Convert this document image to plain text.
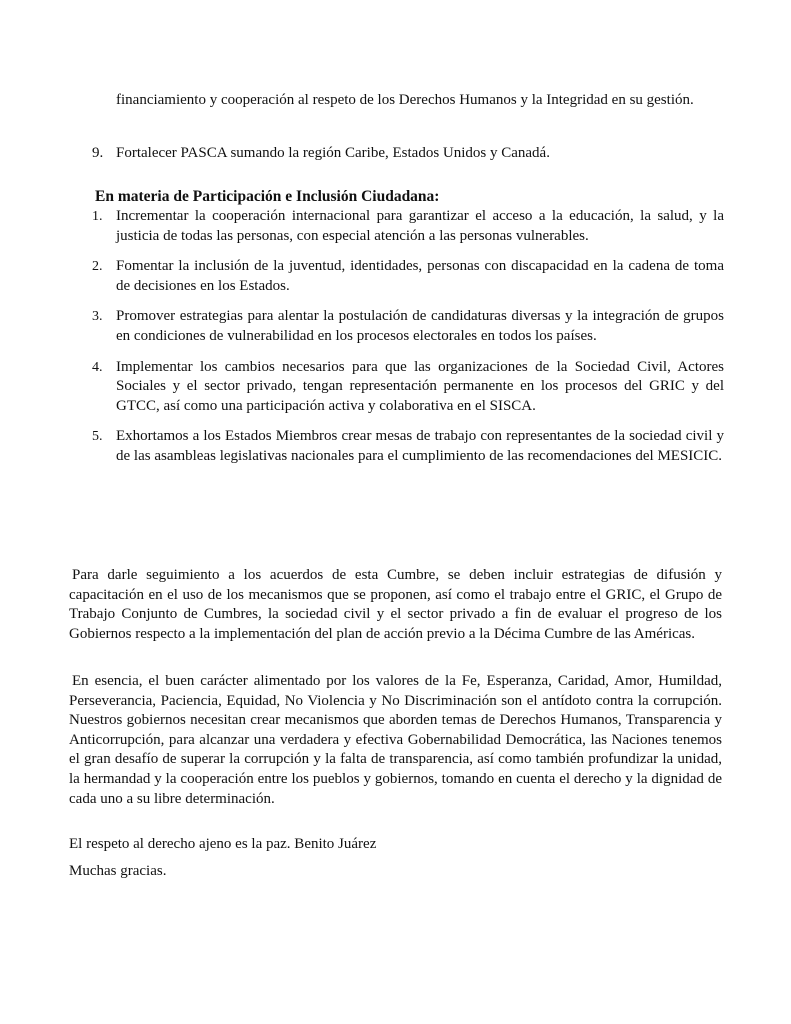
financiamiento y cooperación al respeto de los Derechos Humanos y la Integridad en su gestión.

9. Fortalecer PASCA sumando la región Caribe, Estados Unidos y Canadá.

En materia de Participación e Inclusión Ciudadana:
1. Incrementar la cooperación internacional para garantizar el acceso a la educación, la salud, y la justicia de todas las personas, con especial atención a las personas vulnerables.

2. Fomentar la inclusión de la juventud, identidades, personas con discapacidad en la cadena de toma de decisiones en los Estados.

3. Promover estrategias para alentar la postulación de candidaturas diversas y la integración de grupos en condiciones de vulnerabilidad en los procesos electorales en todos los países.

4. Implementar los cambios necesarios para que las organizaciones de la Sociedad Civil, Actores Sociales y el sector privado, tengan representación permanente en los procesos del GRIC y del GTCC, así como una participación activa y colaborativa en el SISCA.

5. Exhortamos a los Estados Miembros crear mesas de trabajo con representantes de la sociedad civil y de las asambleas legislativas nacionales para el cumplimiento de las recomendaciones del MESICIC.

Para darle seguimiento a los acuerdos de esta Cumbre, se deben incluir estrategias de difusión y capacitación en el uso de los mecanismos que se proponen, así como el trabajo entre el GRIC, el Grupo de Trabajo Conjunto de Cumbres, la sociedad civil y el sector privado a fin de evaluar el progreso de los Gobiernos respecto a la implementación del plan de acción previo a la Décima Cumbre de las Américas.

En esencia, el buen carácter alimentado por los valores de la Fe, Esperanza, Caridad, Amor, Humildad, Perseverancia, Paciencia, Equidad, No Violencia y No Discriminación son el antídoto contra la corrupción. Nuestros gobiernos necesitan crear mecanismos que aborden temas de Derechos Humanos, Transparencia y Anticorrupción, para alcanzar una verdadera y efectiva Gobernabilidad Democrática, las Naciones tenemos el gran desafío de superar la corrupción y la falta de transparencia, así como también profundizar la unidad, la hermandad y la cooperación entre los pueblos y gobiernos, tomando en cuenta el derecho y la dignidad de cada uno a su libre determinación.

El respeto al derecho ajeno es la paz. Benito Juárez

Muchas gracias.
